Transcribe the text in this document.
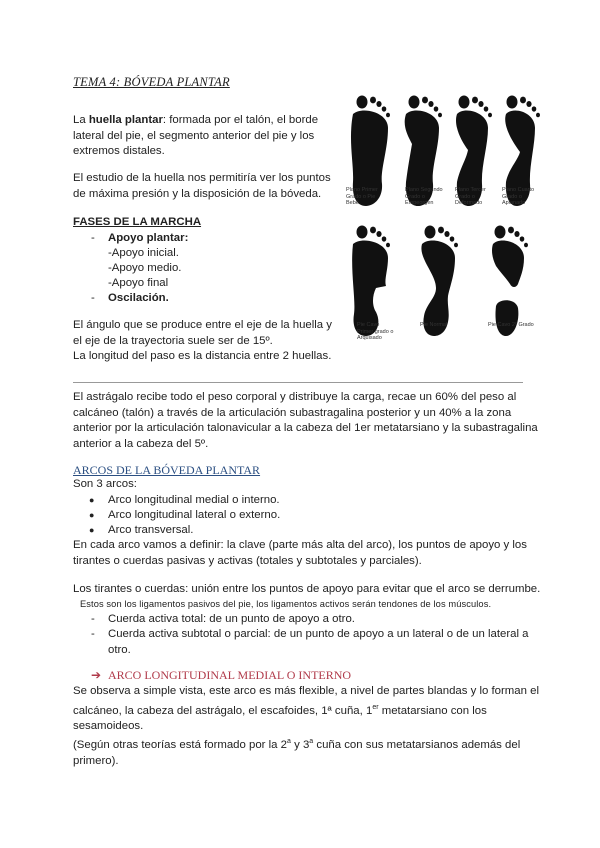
TEMA 4: BÓVEDA PLANTAR
La huella plantar: formada por el talón, el borde
lateral del pie, el segmento anterior del pie y los
extremos distales.
El estudio de la huella nos permitiría ver los puntos
de máxima presión y la disposición de la bóveda.
FASES DE LA MARCHA
- Apoyo plantar:
-Apoyo inicial.
-Apoyo medio.
-Apoyo final
- Oscilación.
El ángulo que se produce entre el eje de la huella y
el eje de la trayectoria suele ser de 15º.
La longitud del paso es la distancia entre 2 huellas.
Plano Primer Grado o Pie Bebé
Plano Segundo Grado o Empeorgen
Plano Tercer Grado o Deformado
Plano Cuarto Grado o Aplanado
Pie Cavo Primer grado o Arquisado
Pie Normal	Pie Cavo 2º Grado
El astrágalo recibe todo el peso corporal y distribuye la carga, recae un 60% del peso al
calcáneo (talón) a través de la articulación subastragalina posterior y un 40% a la zona
anterior por la articulación talonavicular a la cabeza del 1er metatarsiano y la subastragalina
anterior a la cabeza del 5º.
ARCOS DE LA BÓVEDA PLANTAR
Son 3 arcos:
● Arco longitudinal medial o interno.
● Arco longitudinal lateral o externo.
● Arco transversal.
En cada arco vamos a definir: la clave (parte más alta del arco), los puntos de apoyo y los
tirantes o cuerdas pasivas y activas (totales y subtotales y parciales).
Los tirantes o cuerdas: unión entre los puntos de apoyo para evitar que el arco se derrumbe.
Estos son los ligamentos pasivos del pie, los ligamentos activos serán tendones de los músculos.
- Cuerda activa total: de un punto de apoyo a otro.
- Cuerda activa subtotal o parcial: de un punto de apoyo a un lateral o de un lateral a
otro.
➔ ARCO LONGITUDINAL MEDIAL O INTERNO
Se observa a simple vista, este arco es más flexible, a nivel de partes blandas y lo forman el
calcáneo, la cabeza del astrágalo, el escafoides, 1ª cuña, 1er metatarsiano con los
sesamoideos.
(Según otras teorías está formado por la 2$^a$ y 3$^a$ cuña con sus metatarsianos además del
primero).
